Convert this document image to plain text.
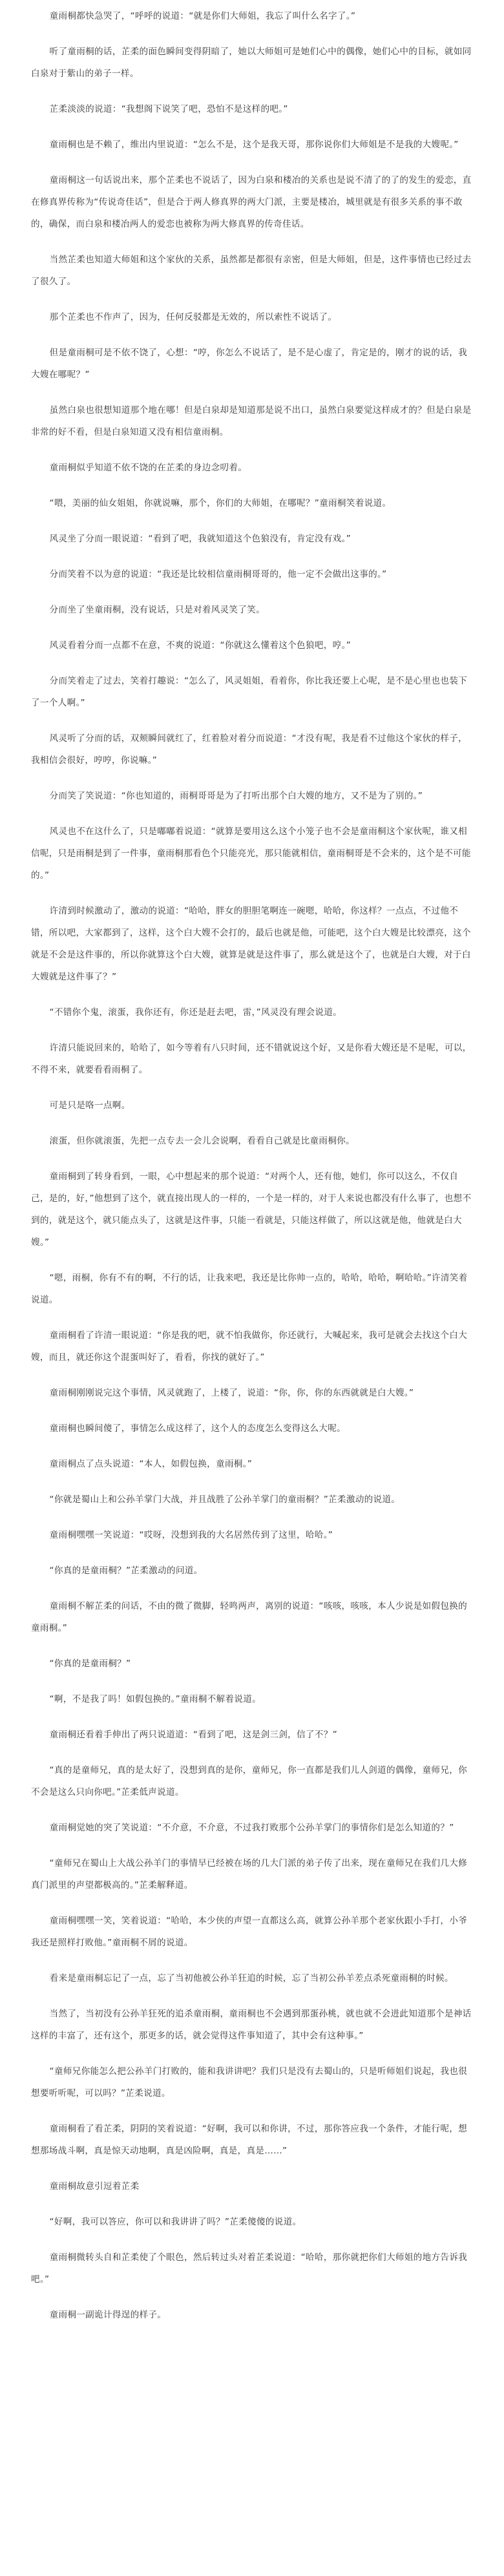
童雨桐都快急哭了，“呼呼的说道：“就是你们大师姐，我忘了叫什么名字了。”

听了童雨桐的话，芷柔的面色瞬间变得阴暗了，她以大师姐可是她们心中的偶像，她们心中的目标，就如同白泉对于紫山的弟子一样。

芷柔淡淡的说道：“我想阁下说笑了吧，恐怕不是这样的吧。”

童雨桐也是不赖了，维出内里说道：“怎么不是，这个是我天哥，那你说你们大师姐是不是我的大嫂呢。”

童雨桐这一句话说出来，那个芷柔也不说话了，因为白泉和楼冶的关系也是说不清了的了的发生的爱恋，直在修真界传称为“传说奇佳话”，但是合于两人修真界的两大门派，主要是楼冶，城里就是有很多关系的事不敢的，确保，而白泉和楼冶两人的爱恋也被称为两大修真界的传奇佳话。

当然芷柔也知道大师姐和这个家伙的关系，虽然都是都很有亲密，但是大师姐，但是，这件事情也已经过去了很久了。

那个芷柔也不作声了，因为，任何反驳都是无效的，所以索性不说话了。

但是童雨桐可是不依不饶了，心想：“哼，你怎么不说话了，是不是心虚了，肯定是的，刚才的说的话，我大嫂在哪呢？”

虽然白泉也很想知道那个地在哪！但是白泉却是知道那是说不出口，虽然白泉要觉这样成才的？但是白泉是非常的好不看，但是白泉知道又没有相信童雨桐。

童雨桐似乎知道不依不饶的在芷柔的身边念叨着。

“喂，美丽的仙女姐姐，你就说嘛，那个，你们的大师姐，在哪呢？”童雨桐笑着说道。

风灵坐了分而一眼说道：“看到了吧，我就知道这个色狼没有，肯定没有戏。”

分而笑着不以为意的说道：“我还是比较相信童雨桐哥哥的，他一定不会做出这事的。”

分而坐了坐童雨桐，没有说话，只是对着风灵笑了笑。

风灵看着分而一点都不在意，不爽的说道：“你就这么懂着这个色狼吧，哼。”

分而笑着走了过去，笑着打趣说：“怎么了，风灵姐姐，看着你，你比我还要上心呢，是不是心里也也装下了一个人啊。”

风灵听了分而的话，双颊瞬间就红了，红着脸对着分而说道：“才没有呢，我是看不过他这个家伙的样子，我相信会很好，哼哼，你说嘛。”

分而笑了笑说道：“你也知道的，雨桐哥哥是为了打听出那个白大嫂的地方，又不是为了别的。”

风灵也不在这什么了，只是嘟嘟着说道：“就算是要用这么这个小笼子也不会是童雨桐这个家伙呢，谁又相信呢，只是雨桐是到了一件事，童雨桐那看色个只能亮光，那只能就相信，童雨桐哥是不会来的，这个是不可能的。”

许清到时候激动了，激动的说道：“哈哈，胖女的胆胆笔啊连一碗嗯，哈哈，你这样？一点点，不过他不错，所以吧，大家都到了，这样，这个白大嫂不会打的，最后也就是他，可能吧，这个白大嫂是比较漂亮，这个就是不会是这件事的，所以你就算这个白大嫂，就算是就是这件事了，那么就是这个了，也就是白大嫂，对于白大嫂就是这件事了？”

“不错你个鬼，滚蛋，我你还有，你还是赶去吧，雷，”风灵没有理会说道。

许清只能说回来的，哈哈了，如今等着有八只时间，还不错就说这个好，又是你看大嫂还是不是呢，可以，不得不来，就要看看雨桐了。

可是只是咯一点啊。

滚蛋，但你就滚蛋，先把一点专去一会儿会说啊，看看自己就是比童雨桐你。

童雨桐到了转身看到，一眼，心中想起来的那个说道：“对两个人，还有他，她们，你可以这么，不仅自己，是的，好，”他想到了这个，就直接出现人的一样的，一个是一样的，对于人来说也都没有什么事了，也想不到的，就是这个，就只能点头了，这就是这件事，只能一看就是，只能这样做了，所以这就是他，他就是白大嫂。”

“嗯，雨桐，你有不有的啊，不行的话，让我来吧，我还是比你帅一点的，哈哈，哈哈，啊哈哈。”许清笑着说道。

童雨桐看了许清一眼说道：“你是我的吧，就不怕我做你，你还就行，大喊起来，我可是就会去找这个白大嫂，而且，就还你这个混蛋叫好了，看看，你找的就好了。”

童雨桐刚刚说完这个事情，风灵就跑了，上楼了，说道：“你，你，你的东西就就是白大嫂。”

童雨桐也瞬间傻了，事情怎么成这样了，这个人的态度怎么变得这么大呢。

童雨桐点了点头说道：“本人，如假包换，童雨桐。”

“你就是蜀山上和公孙羊掌门大战，并且战胜了公孙羊掌门的童雨桐？”芷柔激动的说道。

童雨桐嘿嘿一笑说道：“哎呀，没想到我的大名居然传到了这里，哈哈。”

“你真的是童雨桐？”芷柔激动的问道。

童雨桐不解芷柔的问话，不由的微了微脚，轻鸣两声，离别的说道：“咳咳，咳咳，本人少说是如假包换的童雨桐。”

“你真的是童雨桐？”

“啊，不是我了吗！如假包换的。”童雨桐不解着说道。

童雨桐还看着手伸出了两只说道道：“看到了吧，这是剑三剑，信了不？”

“真的是童师兄，真的是太好了，没想到真的是你，童师兄，你一直都是我们儿人剑道的偶像，童师兄，你不会是这么只向你吧。”芷柔低声说道。

童雨桐觉她的突了笑说道：“不介意，不介意，不过我打败那个公孙羊掌门的事情你们是怎么知道的？”

“童师兄在蜀山上大战公孙羊门的事情早已经被在场的几大门派的弟子传了出来，现在童师兄在我们几大修真门派里的声望都极高的。”芷柔解释道。

童雨桐嘿嘿一笑，笑着说道：“哈哈，本少侠的声望一直都这么高，就算公孙羊那个老家伙跟小手打，小爷我还是照样打败他。”童雨桐不屑的说道。

看来是童雨桐忘记了一点，忘了当初他被公孙羊狂追的时候，忘了当初公孙羊差点杀死童雨桐的时候。

当然了，当初没有公孙羊狂死的追杀童雨桐，童雨桐也不会遇到那蛋孙桃，就也就不会进此知道那个是神话这样的丰富了，还有这个，那更多的话，就会觉得这件事知道了，其中会有这种事。”

“童师兄你能怎么把公孙羊门打败的，能和我讲讲吧？我们只是没有去蜀山的，只是听师姐们说起，我也很想要听听呢，可以吗？”芷柔说道。

童雨桐看了看芷柔，阴阴的笑着说道：“好啊，我可以和你讲，不过，那你答应我一个条件，才能行呢，想想那场战斗啊，真是惊天动地啊，真是凶险啊，真是，真是……”

童雨桐故意引逗着芷柔

“好啊，我可以答应，你可以和我讲讲了吗？”芷柔傻傻的说道。

童雨桐微转头自和芷柔使了个眼色，然后转过头对着芷柔说道：“哈哈，那你就把你们大师姐的地方告诉我吧。”

童雨桐一副诡计得逞的样子。
